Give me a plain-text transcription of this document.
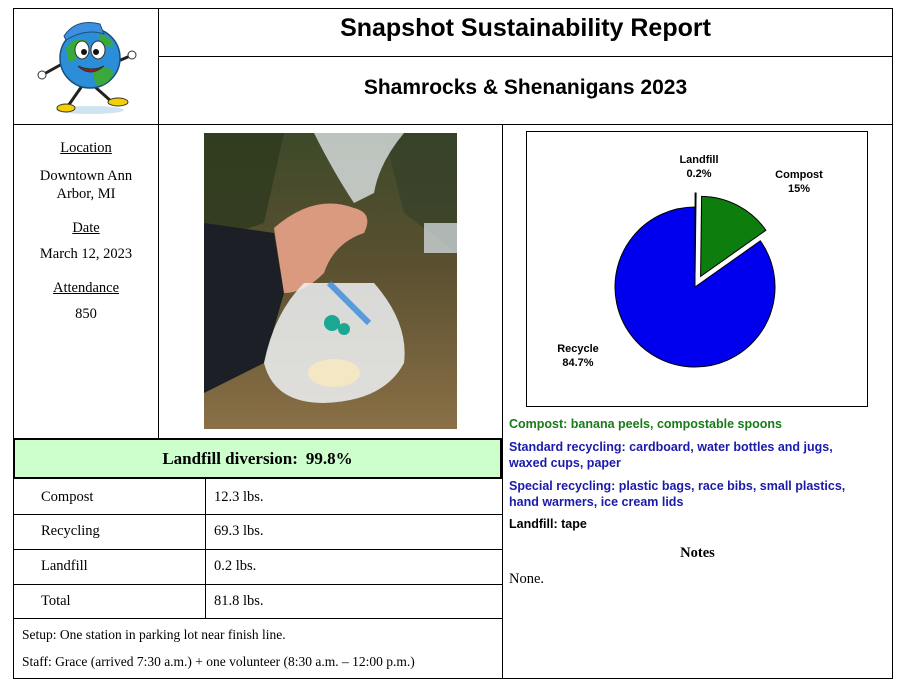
Snapshot Sustainability Report
Shamrocks & Shenanigans 2023
Location
Downtown Ann
Arbor, MI
Date
March 12, 2023
Attendance
850
Landfill diversion: 99.8%
Compost	12.3 lbs.
Recycling	69.3 lbs.
Landfill	0.2 lbs.
Total	81.8 lbs.
Setup: One station in parking lot near finish line.
Staff: Grace (arrived 7:30 a.m.) + one volunteer (8:30 a.m. – 12:00 p.m.)
Landfill
0.2%	Compost
15%
Recycle
84.7%
Compost: banana peels, compostable spoons
Standard recycling: cardboard, water bottles and jugs,
waxed cups, paper
Special recycling: plastic bags, race bibs, small plastics,
hand warmers, ice cream lids
Landfill: tape
Notes
None.
